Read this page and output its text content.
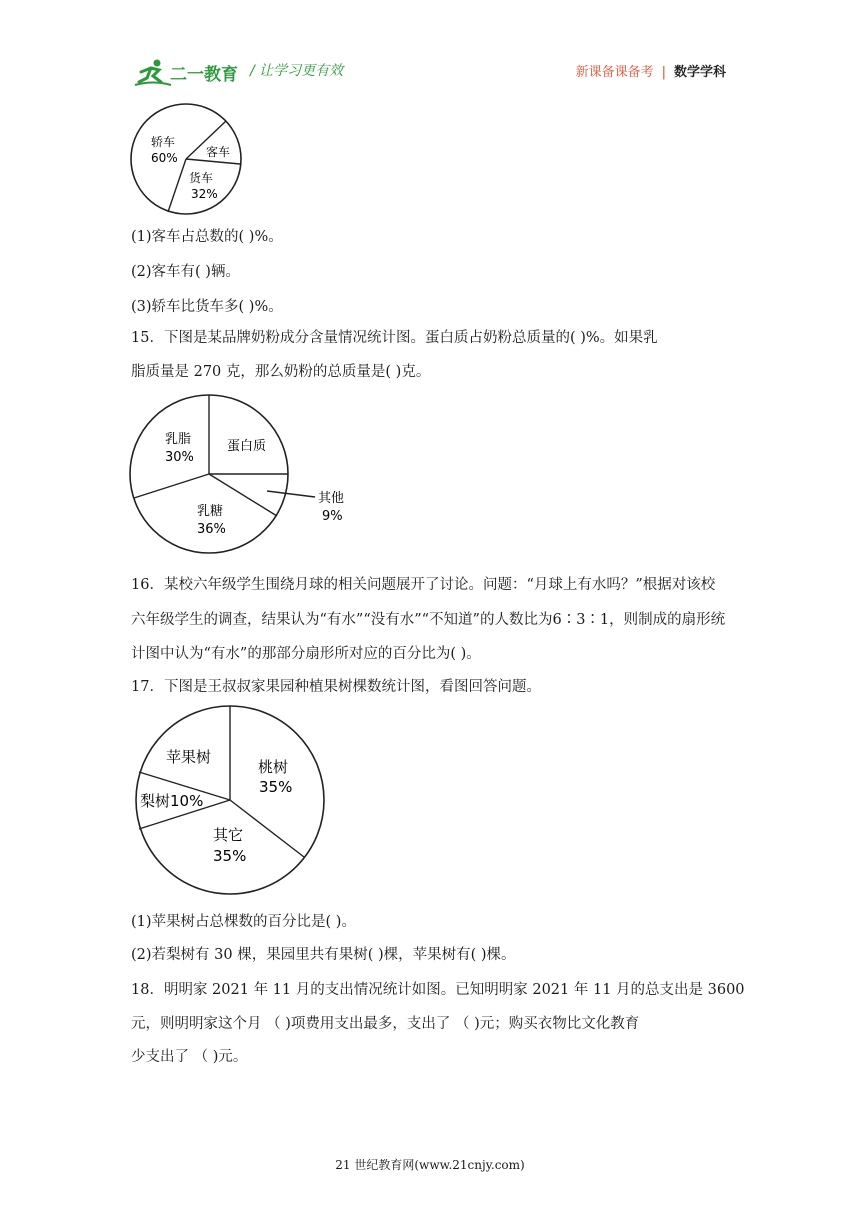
二一教育 / 让学习更有效	新课备课备考 | 数学学科
轿车
60% 客车
货车
32%
(1)客车占总数的( )%。
(2)客车有( )辆。
(3)轿车比货车多( )%。
15．下图是某品牌奶粉成分含量情况统计图。蛋白质占奶粉总质量的( )%。如果乳
脂质量是 270 克，那么奶粉的总质量是( )克。
乳脂
30%
蛋白质
乳糖
36%
其他
9%
16．某校六年级学生围绕月球的相关问题展开了讨论。问题：“月球上有水吗？”根据对该校
六年级学生的调查，结果认为“有水”“没有水”“不知道”的人数比为6∶3∶1，则制成的扇形统
计图中认为“有水”的那部分扇形所对应的百分比为( )。
17．下图是王叔叔家果园种植果树棵数统计图，看图回答问题。
苹果树
桃树
35%
梨树10%
其它
35%
(1)苹果树占总棵数的百分比是( )。
(2)若梨树有 30 棵，果园里共有果树( )棵，苹果树有( )棵。
18．明明家 2021 年 11 月的支出情况统计如图。已知明明家 2021 年 11 月的总支出是 3600
元，则明明家这个月 （ )项费用支出最多，支出了 （ )元；购买衣物比文化教育
少支出了 （ )元。
21 世纪教育网(www.21cnjy.com)
